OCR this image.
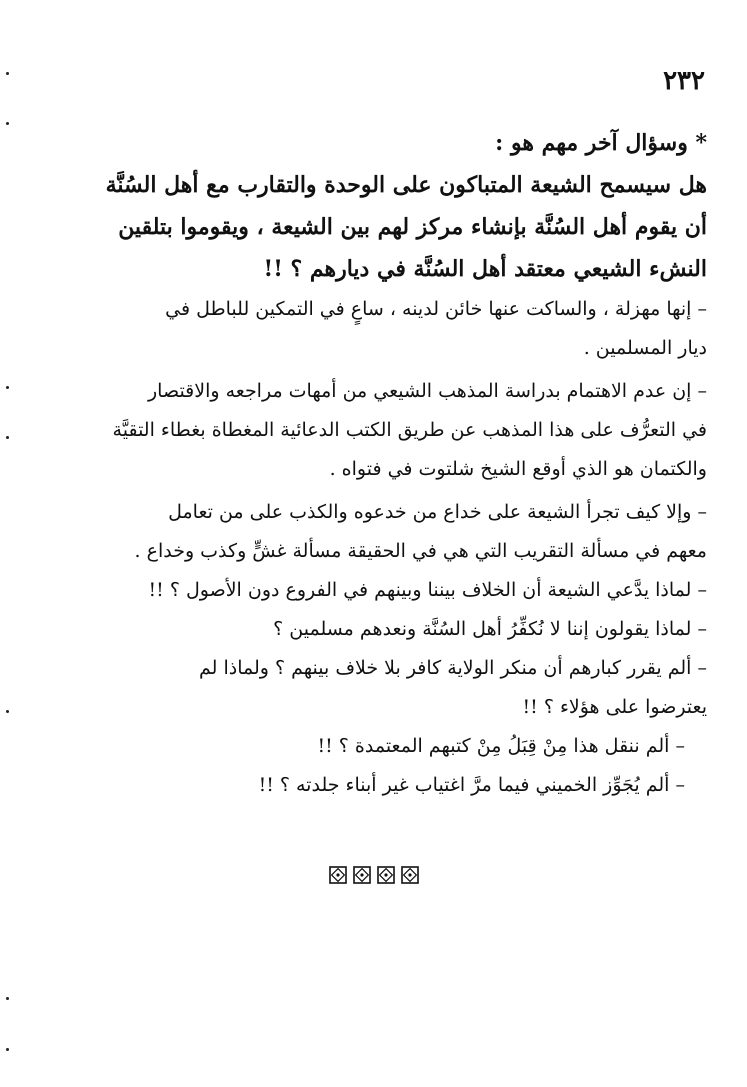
٢٣٢

* وسؤال آخر مهم هو :

هل سيسمح الشيعة المتباكون على الوحدة والتقارب مع أهل السُنَّة

أن يقوم أهل السُنَّة بإنشاء مركز لهم بين الشيعة ، ويقوموا بتلقين

النشء الشيعي معتقد أهل السُنَّة في ديارهم ؟ !!

– إنها مهزلة ، والساكت عنها خائن لدينه ، ساعٍ في التمكين للباطل في

ديار المسلمين .

– إن عدم الاهتمام بدراسة المذهب الشيعي من أمهات مراجعه والاقتصار

في التعرُّف على هذا المذهب عن طريق الكتب الدعائية المغطاة بغطاء التقيَّة

والكتمان هو الذي أوقع الشيخ شلتوت في فتواه .

– وإلا كيف تجرأ الشيعة على خداع من خدعوه والكذب على من تعامل

معهم في مسألة التقريب التي هي في الحقيقة مسألة غشٍّ وكذب وخداع .

– لماذا يدَّعي الشيعة أن الخلاف بيننا وبينهم في الفروع دون الأصول ؟ !!

– لماذا يقولون إننا لا نُكفِّرُ أهل السُنَّة ونعدهم مسلمين ؟

– ألم يقرر كبارهم أن منكر الولاية كافر بلا خلاف بينهم ؟ ولماذا لم

يعترضوا على هؤلاء ؟ !!

– ألم ننقل هذا مِنْ قِبَلُ مِنْ كتبهم المعتمدة ؟ !!

– ألم يُجَوِّز الخميني فيما مرَّ اغتياب غير أبناء جلدته ؟ !!
